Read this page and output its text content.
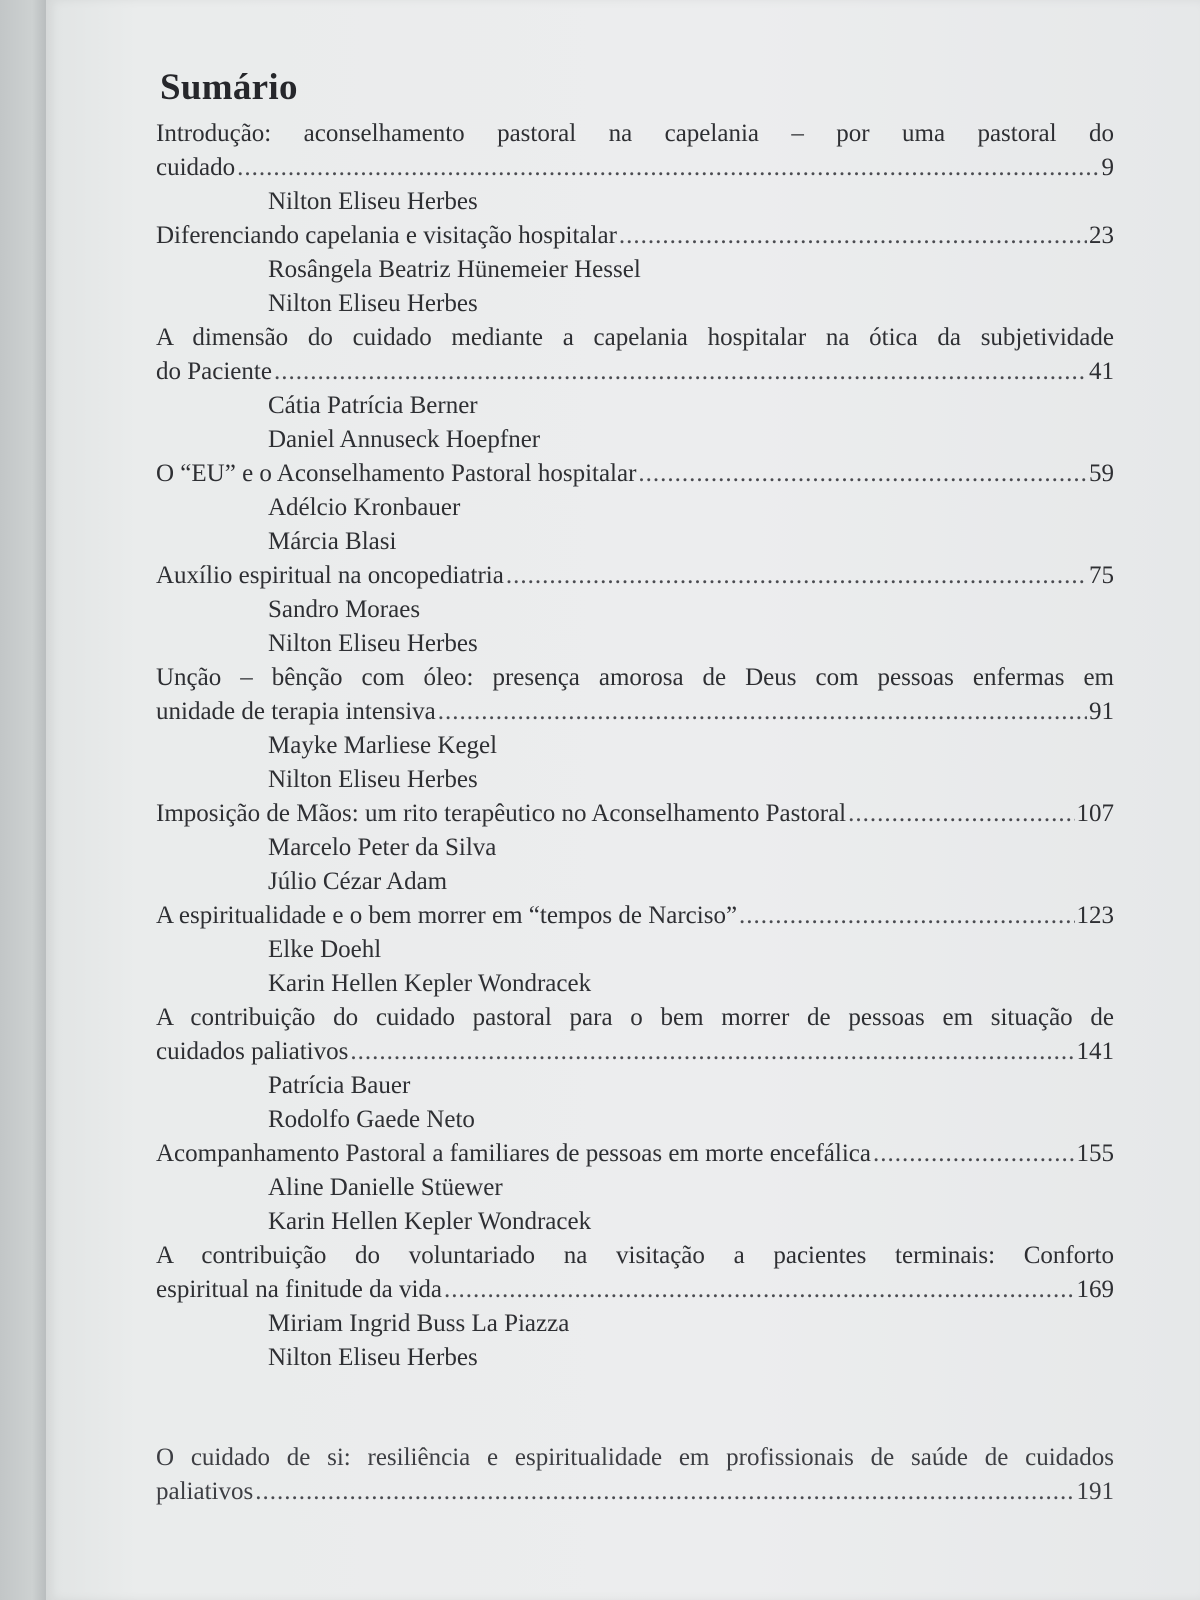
Sumário
Introdução: aconselhamento pastoral na capelania – por uma pastoral do
cuidado .....	9
Nilton Eliseu Herbes
Diferenciando capelania e visitação hospitalar .....	23
Rosângela Beatriz Hünemeier Hessel
Nilton Eliseu Herbes
A dimensão do cuidado mediante a capelania hospitalar na ótica da subjetividade
do Paciente .....	41
Cátia Patrícia Berner
Daniel Annuseck Hoepfner
O “EU” e o Aconselhamento Pastoral hospitalar .....	59
Adélcio Kronbauer
Márcia Blasi
Auxílio espiritual na oncopediatria .....	75
Sandro Moraes
Nilton Eliseu Herbes
Unção – bênção com óleo: presença amorosa de Deus com pessoas enfermas em
unidade de terapia intensiva .....	91
Mayke Marliese Kegel
Nilton Eliseu Herbes
Imposição de Mãos: um rito terapêutico no Aconselhamento Pastoral .....	107
Marcelo Peter da Silva
Júlio Cézar Adam
A espiritualidade e o bem morrer em “tempos de Narciso” .....	123
Elke Doehl
Karin Hellen Kepler Wondracek
A contribuição do cuidado pastoral para o bem morrer de pessoas em situação de
cuidados paliativos .....	141
Patrícia Bauer
Rodolfo Gaede Neto
Acompanhamento Pastoral a familiares de pessoas em morte encefálica .....	155
Aline Danielle Stüewer
Karin Hellen Kepler Wondracek
A contribuição do voluntariado na visitação a pacientes terminais: Conforto
espiritual na finitude da vida .....	169
Miriam Ingrid Buss La Piazza
Nilton Eliseu Herbes
O cuidado de si: resiliência e espiritualidade em profissionais de saúde de cuidados
paliativos .....	191
